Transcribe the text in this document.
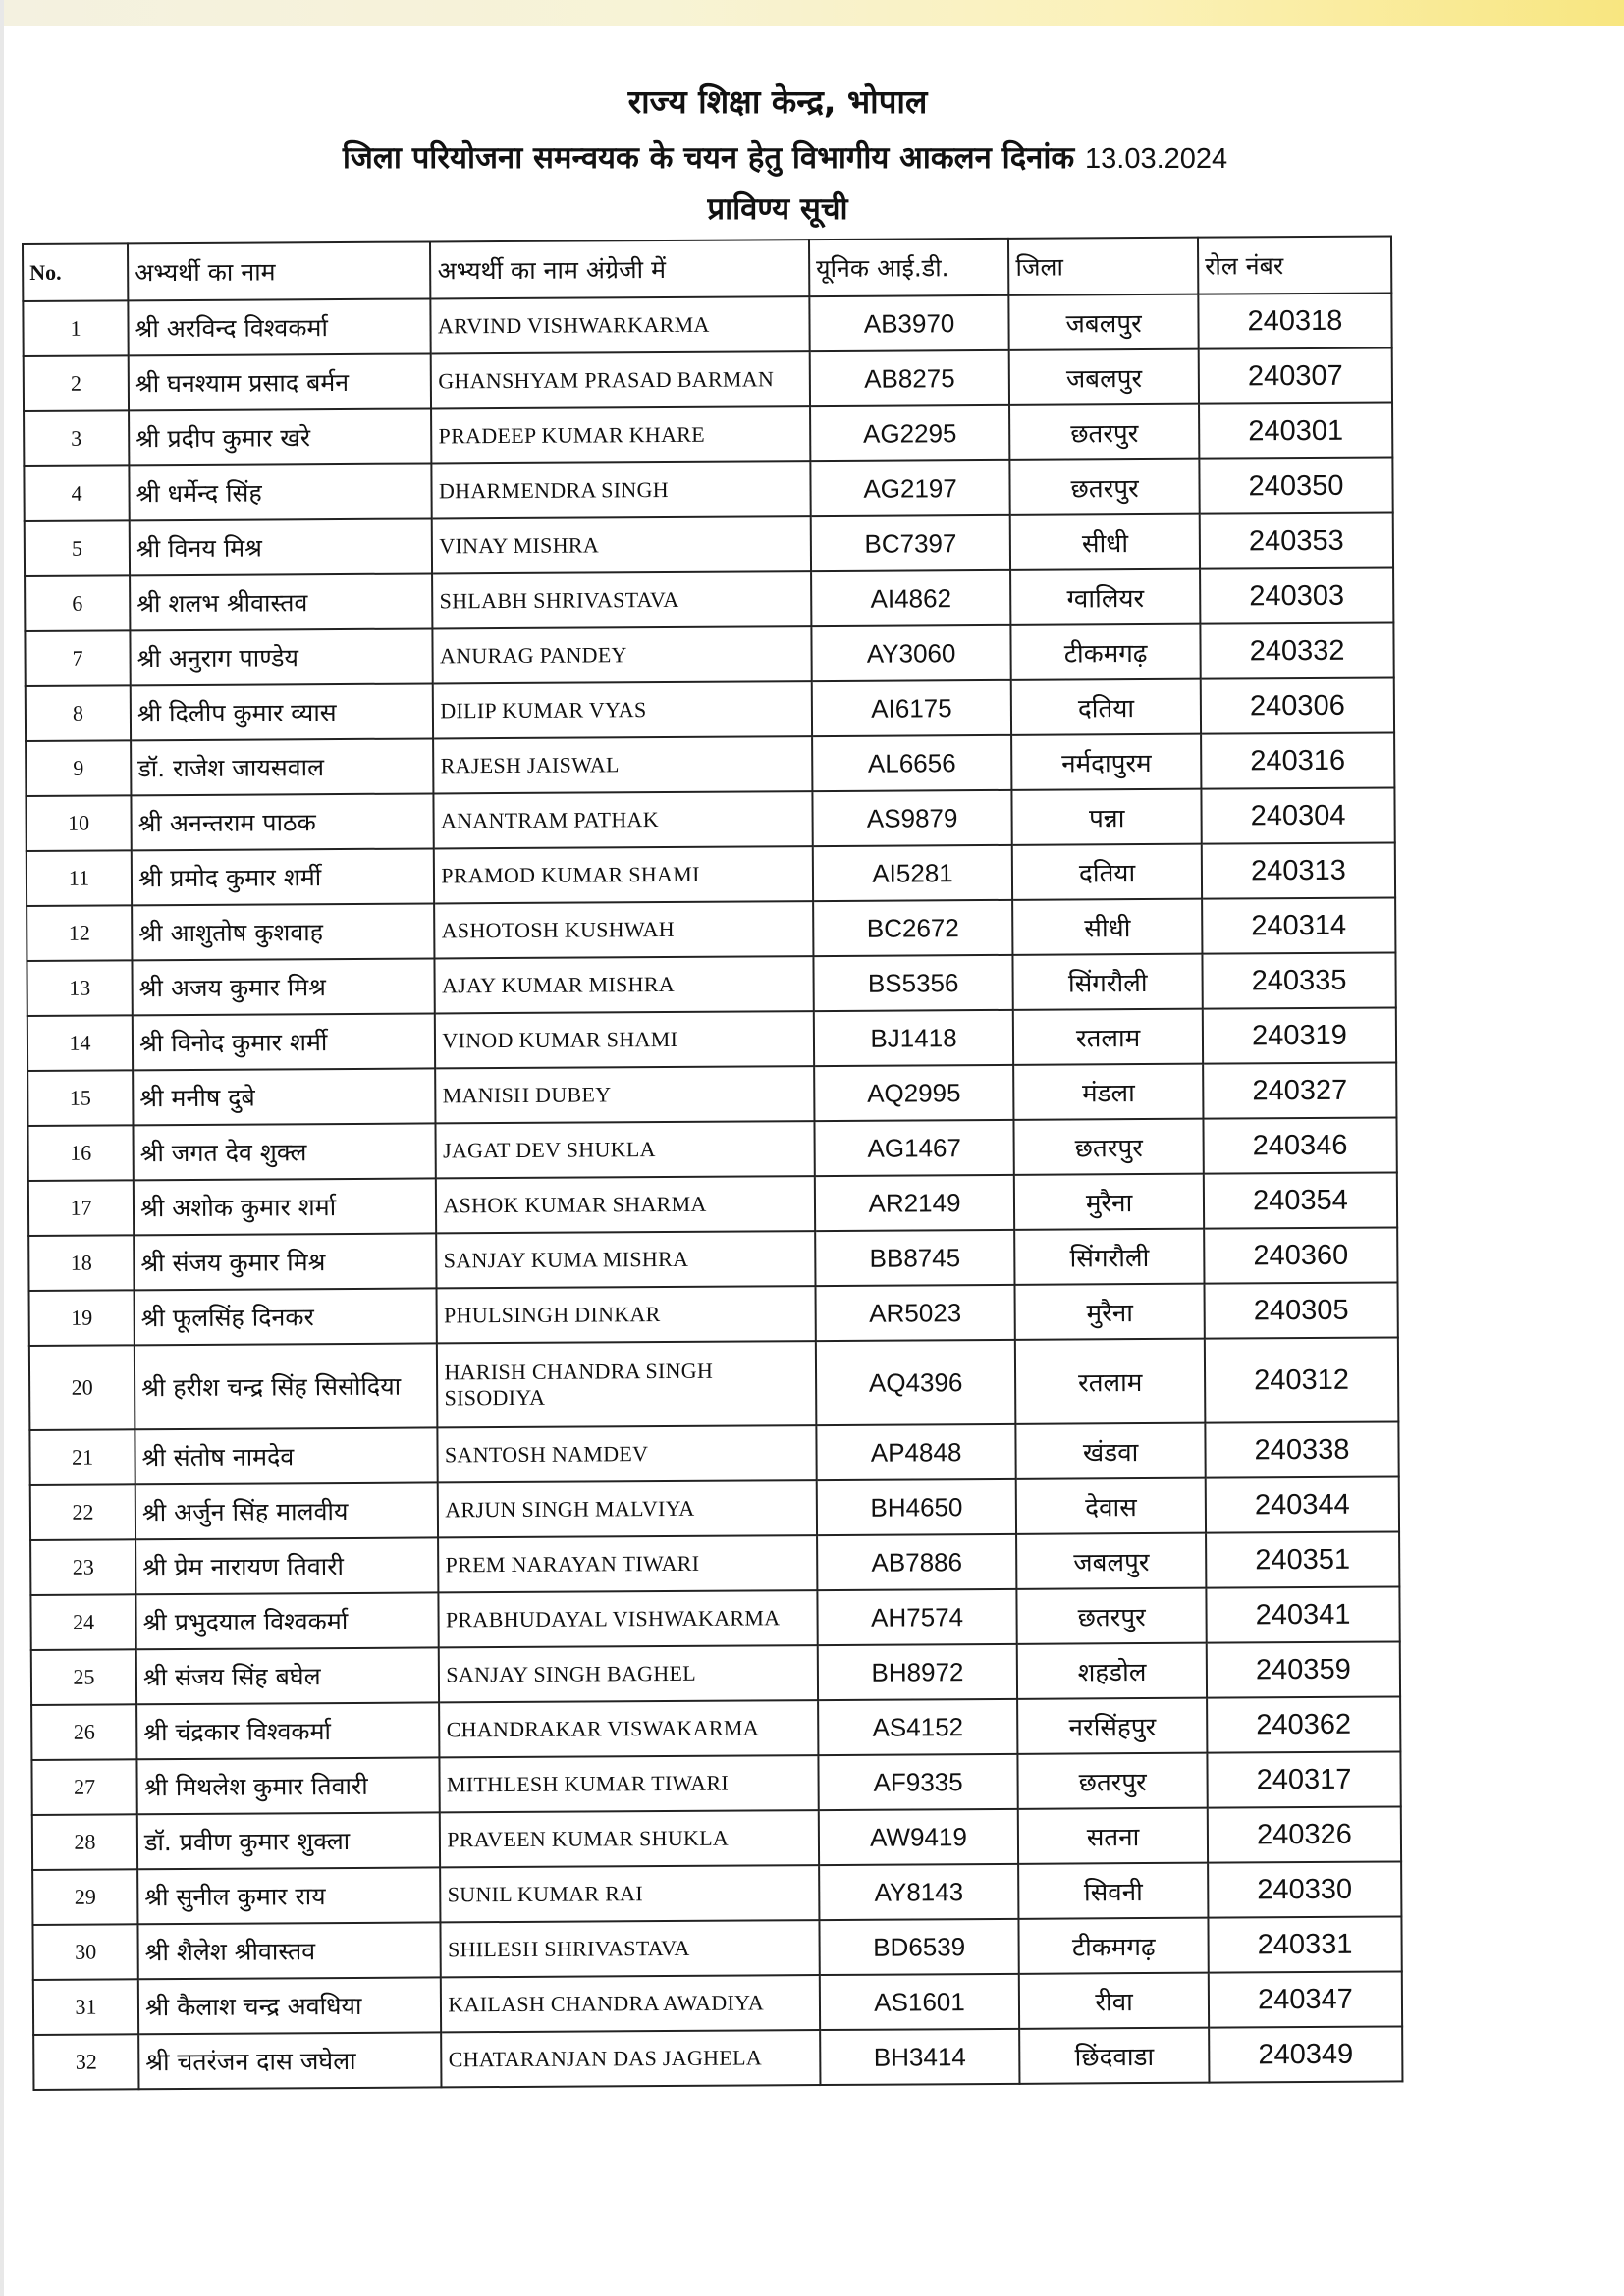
राज्य शिक्षा केन्द्र, भोपाल
जिला परियोजना समन्वयक के चयन हेतु विभागीय आकलन दिनांक 13.03.2024
प्राविण्य सूची
No.	अभ्यर्थी का नाम	अभ्यर्थी का नाम अंग्रेजी में	यूनिक आई.डी.	जिला	रोल नंबर
1	श्री अरविन्द विश्वकर्मा	ARVIND VISHWARKARMA	AB3970	जबलपुर	240318
2	श्री घनश्याम प्रसाद बर्मन	GHANSHYAM PRASAD BARMAN	AB8275	जबलपुर	240307
3	श्री प्रदीप कुमार खरे	PRADEEP KUMAR KHARE	AG2295	छतरपुर	240301
4	श्री धर्मेन्द सिंह	DHARMENDRA SINGH	AG2197	छतरपुर	240350
5	श्री विनय मिश्र	VINAY MISHRA	BC7397	सीधी	240353
6	श्री शलभ श्रीवास्तव	SHLABH SHRIVASTAVA	AI4862	ग्वालियर	240303
7	श्री अनुराग पाण्डेय	ANURAG PANDEY	AY3060	टीकमगढ़	240332
8	श्री दिलीप कुमार व्यास	DILIP KUMAR VYAS	AI6175	दतिया	240306
9	डॉ. राजेश जायसवाल	RAJESH JAISWAL	AL6656	नर्मदापुरम	240316
10	श्री अनन्तराम पाठक	ANANTRAM PATHAK	AS9879	पन्ना	240304
11	श्री प्रमोद कुमार शर्मी	PRAMOD KUMAR SHAMI	AI5281	दतिया	240313
12	श्री आशुतोष कुशवाह	ASHOTOSH KUSHWAH	BC2672	सीधी	240314
13	श्री अजय कुमार मिश्र	AJAY KUMAR MISHRA	BS5356	सिंगरौली	240335
14	श्री विनोद कुमार शर्मी	VINOD KUMAR SHAMI	BJ1418	रतलाम	240319
15	श्री मनीष दुबे	MANISH DUBEY	AQ2995	मंडला	240327
16	श्री जगत देव शुक्ल	JAGAT DEV SHUKLA	AG1467	छतरपुर	240346
17	श्री अशोक कुमार शर्मा	ASHOK KUMAR SHARMA	AR2149	मुरैना	240354
18	श्री संजय कुमार मिश्र	SANJAY KUMA MISHRA	BB8745	सिंगरौली	240360
19	श्री फूलसिंह दिनकर	PHULSINGH DINKAR	AR5023	मुरैना	240305
20	श्री हरीश चन्द्र सिंह सिसोदिया	HARISH CHANDRA SINGH SISODIYA	AQ4396	रतलाम	240312
21	श्री संतोष नामदेव	SANTOSH NAMDEV	AP4848	खंडवा	240338
22	श्री अर्जुन सिंह मालवीय	ARJUN SINGH MALVIYA	BH4650	देवास	240344
23	श्री प्रेम नारायण तिवारी	PREM NARAYAN TIWARI	AB7886	जबलपुर	240351
24	श्री प्रभुदयाल विश्वकर्मा	PRABHUDAYAL VISHWAKARMA	AH7574	छतरपुर	240341
25	श्री संजय सिंह बघेल	SANJAY SINGH BAGHEL	BH8972	शहडोल	240359
26	श्री चंद्रकार विश्वकर्मा	CHANDRAKAR VISWAKARMA	AS4152	नरसिंहपुर	240362
27	श्री मिथलेश कुमार तिवारी	MITHLESH KUMAR TIWARI	AF9335	छतरपुर	240317
28	डॉ. प्रवीण कुमार शुक्ला	PRAVEEN KUMAR SHUKLA	AW9419	सतना	240326
29	श्री सुनील कुमार राय	SUNIL KUMAR RAI	AY8143	सिवनी	240330
30	श्री शैलेश श्रीवास्तव	SHILESH SHRIVASTAVA	BD6539	टीकमगढ़	240331
31	श्री कैलाश चन्द्र अवधिया	KAILASH CHANDRA AWADIYA	AS1601	रीवा	240347
32	श्री चतरंजन दास जघेला	CHATARANJAN DAS JAGHELA	BH3414	छिंदवाडा	240349
